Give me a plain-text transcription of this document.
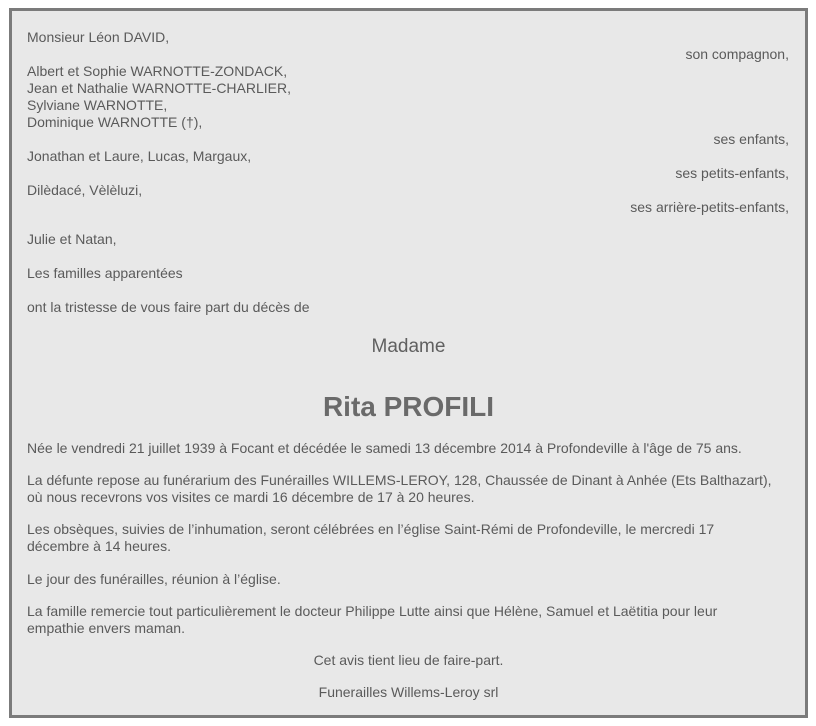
Monsieur Léon DAVID,
son compagnon,
Albert et Sophie WARNOTTE-ZONDACK,
Jean et Nathalie WARNOTTE-CHARLIER,
Sylviane WARNOTTE,
Dominique WARNOTTE (†),
ses enfants,
Jonathan et Laure, Lucas, Margaux,
ses petits-enfants,
Dilèdacé, Vèlèluzi,
ses arrière-petits-enfants,
Julie et Natan,
Les familles apparentées
ont la tristesse de vous faire part du décès de
Madame
Rita PROFILI
Née le vendredi 21 juillet 1939 à Focant et décédée le samedi 13 décembre 2014 à Profondeville à l'âge de 75 ans.
La défunte repose au funérarium des Funérailles WILLEMS-LEROY, 128, Chaussée de Dinant à Anhée (Ets Balthazart), où nous recevrons vos visites ce mardi 16 décembre de 17 à 20 heures.
Les obsèques, suivies de l’inhumation, seront célébrées en l’église Saint-Rémi de Profondeville, le mercredi 17 décembre à 14 heures.
Le jour des funérailles, réunion à l’église.
La famille remercie tout particulièrement le docteur Philippe Lutte ainsi que Hélène, Samuel et Laëtitia pour leur empathie envers maman.
Cet avis tient lieu de faire-part.
Funerailles Willems-Leroy srl
